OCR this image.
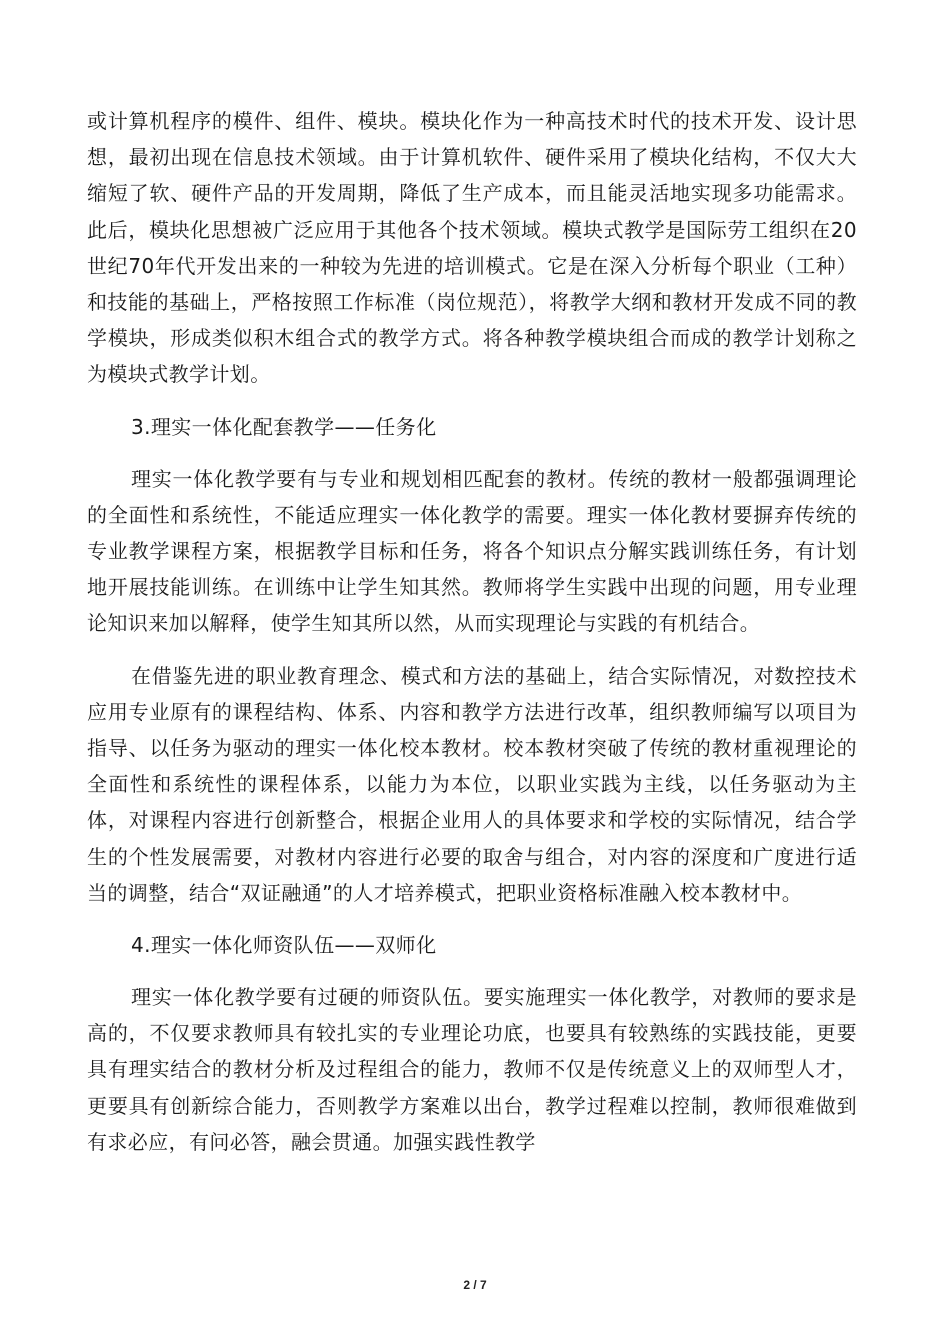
或计算机程序的模件、组件、模块。模块化作为一种高技术时代的技术开发、设计思想，最初出现在信息技术领域。由于计算机软件、硬件采用了模块化结构，不仅大大缩短了软、硬件产品的开发周期，降低了生产成本，而且能灵活地实现多功能需求。此后，模块化思想被广泛应用于其他各个技术领域。模块式教学是国际劳工组织在20世纪70年代开发出来的一种较为先进的培训模式。它是在深入分析每个职业（工种）和技能的基础上，严格按照工作标准（岗位规范），将教学大纲和教材开发成不同的教学模块，形成类似积木组合式的教学方式。将各种教学模块组合而成的教学计划称之为模块式教学计划。

3.理实一体化配套教学——任务化

理实一体化教学要有与专业和规划相匹配套的教材。传统的教材一般都强调理论的全面性和系统性，不能适应理实一体化教学的需要。理实一体化教材要摒弃传统的专业教学课程方案，根据教学目标和任务，将各个知识点分解实践训练任务，有计划地开展技能训练。在训练中让学生知其然。教师将学生实践中出现的问题，用专业理论知识来加以解释，使学生知其所以然，从而实现理论与实践的有机结合。

在借鉴先进的职业教育理念、模式和方法的基础上，结合实际情况，对数控技术应用专业原有的课程结构、体系、内容和教学方法进行改革，组织教师编写以项目为指导、以任务为驱动的理实一体化校本教材。校本教材突破了传统的教材重视理论的全面性和系统性的课程体系，以能力为本位，以职业实践为主线，以任务驱动为主体，对课程内容进行创新整合，根据企业用人的具体要求和学校的实际情况，结合学生的个性发展需要，对教材内容进行必要的取舍与组合，对内容的深度和广度进行适当的调整，结合“双证融通”的人才培养模式，把职业资格标准融入校本教材中。

4.理实一体化师资队伍——双师化

理实一体化教学要有过硬的师资队伍。要实施理实一体化教学，对教师的要求是高的，不仅要求教师具有较扎实的专业理论功底，也要具有较熟练的实践技能，更要具有理实结合的教材分析及过程组合的能力，教师不仅是传统意义上的双师型人才，更要具有创新综合能力，否则教学方案难以出台，教学过程难以控制，教师很难做到有求必应，有问必答，融会贯通。加强实践性教学

2 / 7
